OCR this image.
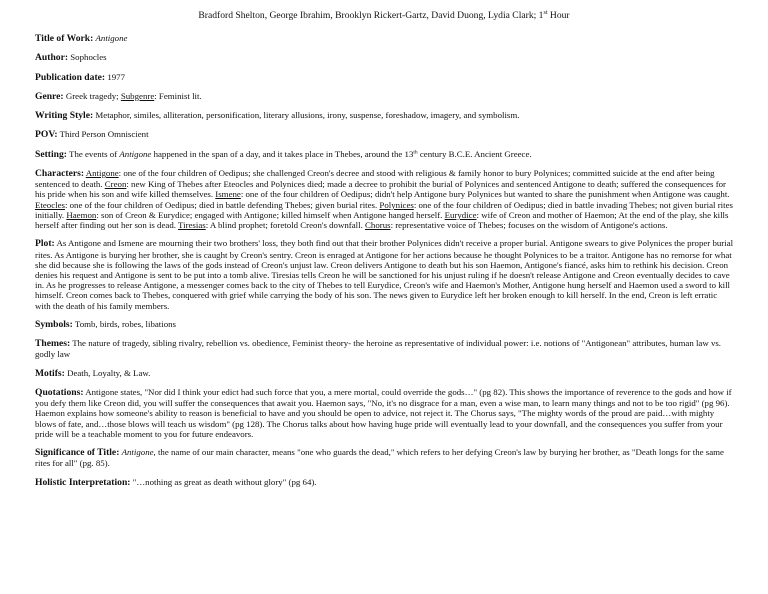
Bradford Shelton, George Ibrahim, Brooklyn Rickert-Gartz, David Duong, Lydia Clark; 1st Hour

Title of Work: Antigone

Author: Sophocles

Publication date: 1977

Genre: Greek tragedy; Subgenre: Feminist lit.

Writing Style: Metaphor, similes, alliteration, personification, literary allusions, irony, suspense, foreshadow, imagery, and symbolism.

POV: Third Person Omniscient

Setting: The events of Antigone happened in the span of a day, and it takes place in Thebes, around the 13th century B.C.E. Ancient Greece.

Characters: Antigone: one of the four children of Oedipus; she challenged Creon's decree and stood with religious & family honor to bury Polynices; committed suicide at the end after being sentenced to death. Creon: new King of Thebes after Eteocles and Polynices died; made a decree to prohibit the burial of Polynices and sentenced Antigone to death; suffered the consequences for his pride when his son and wife killed themselves. Ismene: one of the four children of Oedipus; didn't help Antigone bury Polynices but wanted to share the punishment when Antigone was caught. Eteocles: one of the four children of Oedipus; died in battle defending Thebes; given burial rites. Polynices: one of the four children of Oedipus; died in battle invading Thebes; not given burial rites initially. Haemon: son of Creon & Eurydice; engaged with Antigone; killed himself when Antigone hanged herself. Eurydice: wife of Creon and mother of Haemon; At the end of the play, she kills herself after finding out her son is dead. Tiresias: A blind prophet; foretold Creon's downfall. Chorus: representative voice of Thebes; focuses on the wisdom of Antigone's actions.

Plot: As Antigone and Ismene are mourning their two brothers' loss, they both find out that their brother Polynices didn't receive a proper burial. Antigone swears to give Polynices the proper burial rites. As Antigone is burying her brother, she is caught by Creon's sentry. Creon is enraged at Antigone for her actions because he thought Polynices to be a traitor. Antigone has no remorse for what she did because she is following the laws of the gods instead of Creon's unjust law. Creon delivers Antigone to death but his son Haemon, Antigone's fiancé, asks him to rethink his decision. Creon denies his request and Antigone is sent to be put into a tomb alive. Tiresias tells Creon he will be sanctioned for his unjust ruling if he doesn't release Antigone and Creon eventually decides to cave in. As he progresses to release Antigone, a messenger comes back to the city of Thebes to tell Eurydice, Creon's wife and Haemon's Mother, Antigone hung herself and Haemon used a sword to kill himself. Creon comes back to Thebes, conquered with grief while carrying the body of his son. The news given to Eurydice left her broken enough to kill herself. In the end, Creon is left erratic with the death of his family members.

Symbols: Tomb, birds, robes, libations

Themes: The nature of tragedy, sibling rivalry, rebellion vs. obedience, Feminist theory- the heroine as representative of individual power: i.e. notions of "Antigonean" attributes, human law vs. godly law

Motifs: Death, Loyalty, & Law.

Quotations: Antigone states, "Nor did I think your edict had such force that you, a mere mortal, could override the gods…" (pg 82). This shows the importance of reverence to the gods and how if you defy them like Creon did, you will suffer the consequences that await you. Haemon says, "No, it's no disgrace for a man, even a wise man, to learn many things and not to be too rigid" (pg 96). Haemon explains how someone's ability to reason is beneficial to have and you should be open to advice, not reject it. The Chorus says, "The mighty words of the proud are paid…with mighty blows of fate, and…those blows will teach us wisdom" (pg 128). The Chorus talks about how having huge pride will eventually lead to your downfall, and the consequences you suffer from your pride will be a teachable moment to you for future endeavors.

Significance of Title: Antigone, the name of our main character, means "one who guards the dead," which refers to her defying Creon's law by burying her brother, as "Death longs for the same rites for all" (pg. 85).

Holistic Interpretation: "…nothing as great as death without glory" (pg 64).
